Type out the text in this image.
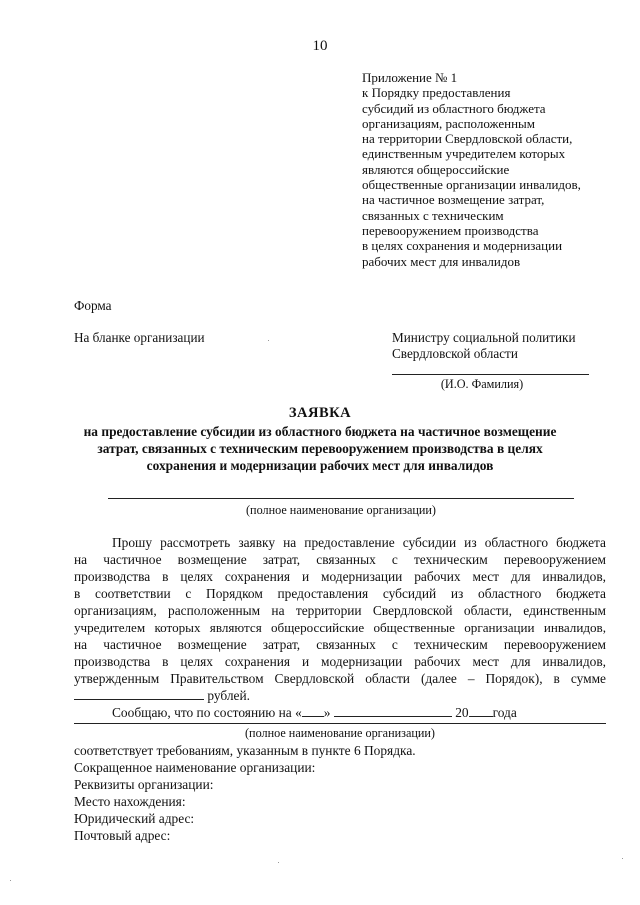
10
Приложение № 1
к Порядку предоставления
субсидий из областного бюджета
организациям, расположенным
на территории Свердловской области,
единственным учредителем которых
являются общероссийские
общественные организации инвалидов,
на частичное возмещение затрат,
связанных с техническим
перевооружением производства
в целях сохранения и модернизации
рабочих мест для инвалидов
Форма
На бланке организации	Министру социальной политики
Свердловской области
(И.О. Фамилия)
ЗАЯВКА
на предоставление субсидии из областного бюджета на частичное возмещение
затрат, связанных с техническим перевооружением производства в целях
сохранения и модернизации рабочих мест для инвалидов
(полное наименование организации)
Прошу рассмотреть заявку на предоставление субсидии из областного бюджета
на частичное возмещение затрат, связанных с техническим перевооружением
производства в целях сохранения и модернизации рабочих мест для инвалидов,
в соответствии с Порядком предоставления субсидий из областного бюджета
организациям, расположенным на территории Свердловской области, единственным
учредителем которых являются общероссийские общественные организации инвалидов,
на частичное возмещение затрат, связанных с техническим перевооружением
производства в целях сохранения и модернизации рабочих мест для инвалидов,
утвержденным Правительством Свердловской области (далее – Порядок), в сумме
рублей.
Сообщаю, что по состоянию на « »	20 года
(полное наименование организации)
соответствует требованиям, указанным в пункте 6 Порядка.
Сокращенное наименование организации:
Реквизиты организации:
Место нахождения:
Юридический адрес:
Почтовый адрес:
